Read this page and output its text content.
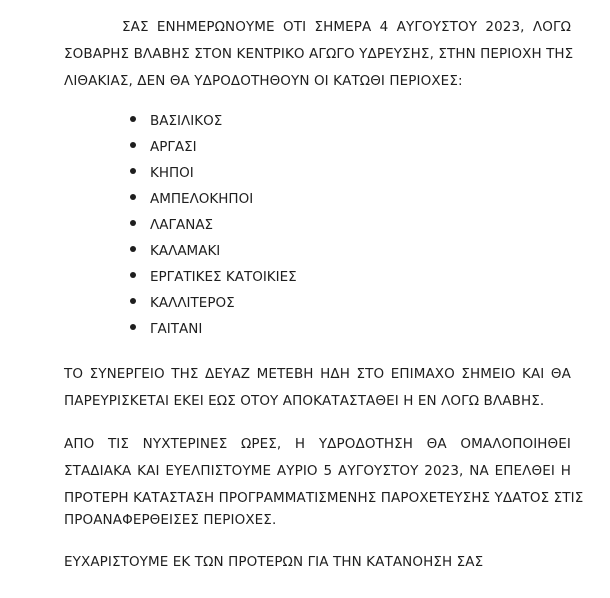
ΣΑΣ ΕΝΗΜΕΡΩΝΟΥΜΕ ΟΤΙ ΣΗΜΕΡΑ 4 ΑΥΓΟΥΣΤΟΥ 2023, ΛΟΓΩ
ΣΟΒΑΡΗΣ ΒΛΑΒΗΣ ΣΤΟΝ ΚΕΝΤΡΙΚΟ ΑΓΩΓΟ ΥΔΡΕΥΣΗΣ, ΣΤΗΝ ΠΕΡΙΟΧΗ ΤΗΣ
ΛΙΘΑΚΙΑΣ, ΔΕΝ ΘΑ ΥΔΡΟΔΟΤΗΘΟΥΝ ΟΙ ΚΑΤΩΘΙ ΠΕΡΙΟΧΕΣ:
ΒΑΣΙΛΙΚΟΣ
ΑΡΓΑΣΙ
ΚΗΠΟΙ
ΑΜΠΕΛΟΚΗΠΟΙ
ΛΑΓΑΝΑΣ
ΚΑΛΑΜΑΚΙ
ΕΡΓΑΤΙΚΕΣ ΚΑΤΟΙΚΙΕΣ
ΚΑΛΛΙΤΕΡΟΣ
ΓΑΙΤΑΝΙ
ΤΟ ΣΥΝΕΡΓΕΙΟ ΤΗΣ ΔΕΥΑΖ ΜΕΤΕΒΗ ΗΔΗ ΣΤΟ ΕΠΙΜΑΧΟ ΣΗΜΕΙΟ ΚΑΙ ΘΑ
ΠΑΡΕΥΡΙΣΚΕΤΑΙ ΕΚΕΙ ΕΩΣ ΟΤΟΥ ΑΠΟΚΑΤΑΣΤΑΘΕΙ Η ΕΝ ΛΟΓΩ ΒΛΑΒΗΣ.
ΑΠΟ ΤΙΣ ΝΥΧΤΕΡΙΝΕΣ ΩΡΕΣ, Η ΥΔΡΟΔΟΤΗΣΗ ΘΑ ΟΜΑΛΟΠΟΙΗΘΕΙ
ΣΤΑΔΙΑΚΑ ΚΑΙ ΕΥΕΛΠΙΣΤΟΥΜΕ ΑΥΡΙΟ 5 ΑΥΓΟΥΣΤΟΥ 2023, ΝΑ ΕΠΕΛΘΕΙ Η
ΠΡΟΤΕΡΗ ΚΑΤΑΣΤΑΣΗ ΠΡΟΓΡΑΜΜΑΤΙΣΜΕΝΗΣ ΠΑΡΟΧΕΤΕΥΣΗΣ ΥΔΑΤΟΣ ΣΤΙΣ
ΠΡΟΑΝΑΦΕΡΘΕΙΣΕΣ ΠΕΡΙΟΧΕΣ.
ΕΥΧΑΡΙΣΤΟΥΜΕ ΕΚ ΤΩΝ ΠΡΟΤΕΡΩΝ ΓΙΑ ΤΗΝ ΚΑΤΑΝΟΗΣΗ ΣΑΣ
